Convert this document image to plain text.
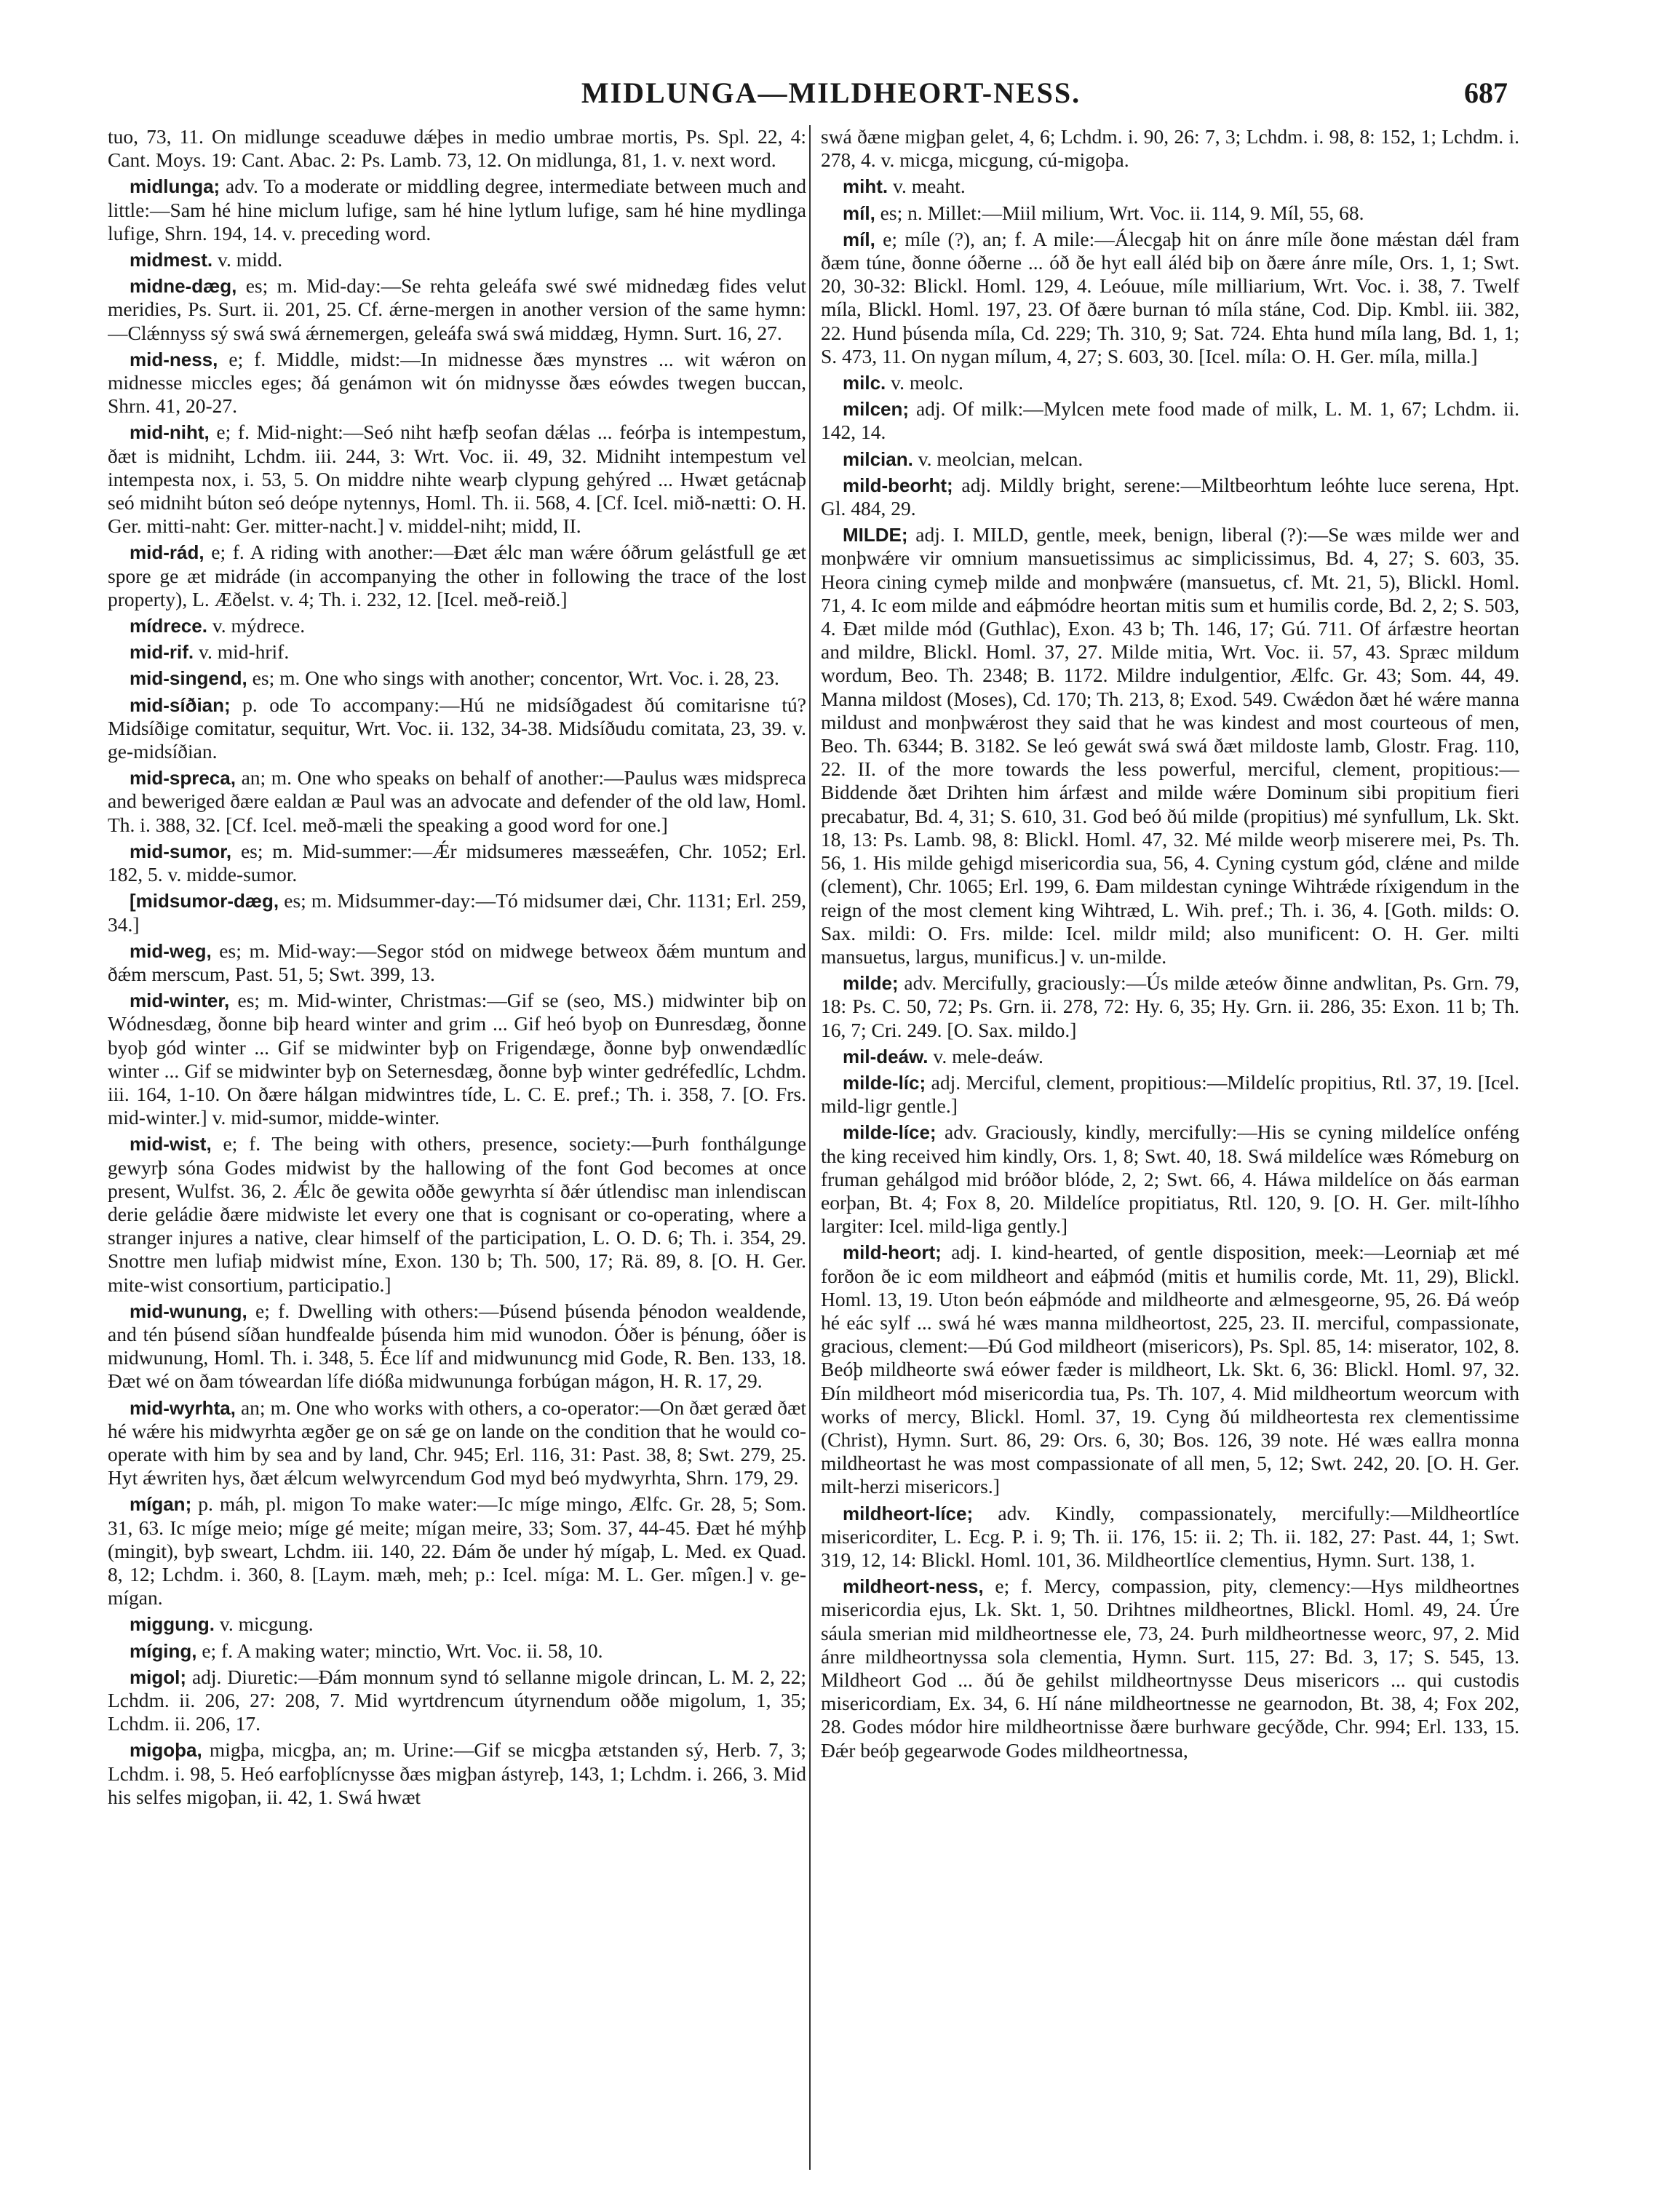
MIDLUNGA—MILDHEORT-NESS.	687

tuo, 73, 11. On midlunge sceaduwe dǽþes in medio umbrae mortis, Ps. Spl. 22, 4: Cant. Moys. 19: Cant. Abac. 2: Ps. Lamb. 73, 12. On midlunga, 81, 1. v. next word.

midlunga; adv. To a moderate or middling degree, intermediate between much and little:—Sam hé hine miclum lufige, sam hé hine lytlum lufige, sam hé hine mydlinga lufige, Shrn. 194, 14. v. preceding word.

midmest. v. midd.

midne-dæg, es; m. Mid-day:—Se rehta geleáfa swé swé midnedæg fides velut meridies, Ps. Surt. ii. 201, 25. Cf. ǽrne-mergen in another version of the same hymn:—Clǽnnyss sý swá swá ǽrnemergen, geleáfa swá swá middæg, Hymn. Surt. 16, 27.

mid-ness, e; f. Middle, midst:—In midnesse ðæs mynstres ... wit wǽron on midnesse miccles eges; ðá genámon wit ón midnysse ðæs eówdes twegen buccan, Shrn. 41, 20-27.

mid-niht, e; f. Mid-night:—Seó niht hæfþ seofan dǽlas ... feórþa is intempestum, ðæt is midniht, Lchdm. iii. 244, 3: Wrt. Voc. ii. 49, 32. Midniht intempestum vel intempesta nox, i. 53, 5. On middre nihte wearþ clypung gehýred ... Hwæt getácnaþ seó midniht búton seó deópe nytennys, Homl. Th. ii. 568, 4. [Cf. Icel. mið-nætti: O. H. Ger. mitti-naht: Ger. mitter-nacht.] v. middel-niht; midd, II.

mid-rád, e; f. A riding with another:—Ðæt ǽlc man wǽre óðrum gelástfull ge æt spore ge æt midráde (in accompanying the other in following the trace of the lost property), L. Æðelst. v. 4; Th. i. 232, 12. [Icel. með-reið.]

mídrece. v. mýdrece.

mid-rif. v. mid-hrif.

mid-singend, es; m. One who sings with another; concentor, Wrt. Voc. i. 28, 23.

mid-síðian; p. ode To accompany:—Hú ne midsíðgadest ðú comitarisne tú? Midsíðige comitatur, sequitur, Wrt. Voc. ii. 132, 34-38. Midsíðudu comitata, 23, 39. v. ge-midsíðian.

mid-spreca, an; m. One who speaks on behalf of another:—Paulus wæs midspreca and beweriged ðære ealdan æ Paul was an advocate and defender of the old law, Homl. Th. i. 388, 32. [Cf. Icel. með-mæli the speaking a good word for one.]

mid-sumor, es; m. Mid-summer:—Ǽr midsumeres mæsseǽfen, Chr. 1052; Erl. 182, 5. v. midde-sumor.

[midsumor-dæg, es; m. Midsummer-day:—Tó midsumer dæi, Chr. 1131; Erl. 259, 34.]

mid-weg, es; m. Mid-way:—Segor stód on midwege betweox ðǽm muntum and ðǽm merscum, Past. 51, 5; Swt. 399, 13.

mid-winter, es; m. Mid-winter, Christmas:—Gif se (seo, MS.) midwinter biþ on Wódnesdæg, ðonne biþ heard winter and grim ... Gif heó byoþ on Ðunresdæg, ðonne byoþ gód winter ... Gif se midwinter byþ on Frigendæge, ðonne byþ onwendædlíc winter ... Gif se midwinter byþ on Seternesdæg, ðonne byþ winter gedréfedlíc, Lchdm. iii. 164, 1-10. On ðære hálgan midwintres tíde, L. C. E. pref.; Th. i. 358, 7. [O. Frs. mid-winter.] v. mid-sumor, midde-winter.

mid-wist, e; f. The being with others, presence, society:—Þurh fonthálgunge gewyrþ sóna Godes midwist by the hallowing of the font God becomes at once present, Wulfst. 36, 2. Ǽlc ðe gewita oððe gewyrhta sí ðǽr útlendisc man inlendiscan derie geládie ðære midwiste let every one that is cognisant or co-operating, where a stranger injures a native, clear himself of the participation, L. O. D. 6; Th. i. 354, 29. Snottre men lufiaþ midwist míne, Exon. 130 b; Th. 500, 17; Rä. 89, 8. [O. H. Ger. mite-wist consortium, participatio.]

mid-wunung, e; f. Dwelling with others:—Þúsend þúsenda þénodon wealdende, and tén þúsend síðan hundfealde þúsenda him mid wunodon. Óðer is þénung, óðer is midwunung, Homl. Th. i. 348, 5. Éce líf and midwununcg mid Gode, R. Ben. 133, 18. Ðæt wé on ðam tóweardan lífe dióßa midwununga forbúgan mágon, H. R. 17, 29.

mid-wyrhta, an; m. One who works with others, a co-operator:—On ðæt geræd ðæt hé wǽre his midwyrhta ægðer ge on sǽ ge on lande on the condition that he would co-operate with him by sea and by land, Chr. 945; Erl. 116, 31: Past. 38, 8; Swt. 279, 25. Hyt ǽwriten hys, ðæt ǽlcum welwyrcendum God myd beó mydwyrhta, Shrn. 179, 29.

mígan; p. máh, pl. migon To make water:—Ic míge mingo, Ælfc. Gr. 28, 5; Som. 31, 63. Ic míge meio; míge gé meite; mígan meire, 33; Som. 37, 44-45. Ðæt hé mýhþ (mingit), byþ sweart, Lchdm. iii. 140, 22. Ðám ðe under hý mígaþ, L. Med. ex Quad. 8, 12; Lchdm. i. 360, 8. [Laym. mæh, meh; p.: Icel. míga: M. L. Ger. mîgen.] v. ge-mígan.

miggung. v. micgung.

míging, e; f. A making water; minctio, Wrt. Voc. ii. 58, 10.

migol; adj. Diuretic:—Ðám monnum synd tó sellanne migole drincan, L. M. 2, 22; Lchdm. ii. 206, 27: 208, 7. Mid wyrtdrencum útyrnendum oððe migolum, 1, 35; Lchdm. ii. 206, 17.

migoþa, migþa, micgþa, an; m. Urine:—Gif se micgþa ætstanden sý, Herb. 7, 3; Lchdm. i. 98, 5. Heó earfoþlícnysse ðæs migþan ástyreþ, 143, 1; Lchdm. i. 266, 3. Mid his selfes migoþan, ii. 42, 1. Swá hwæt

swá ðæne migþan gelet, 4, 6; Lchdm. i. 90, 26: 7, 3; Lchdm. i. 98, 8: 152, 1; Lchdm. i. 278, 4. v. micga, micgung, cú-migoþa.

miht. v. meaht.

míl, es; n. Millet:—Miil milium, Wrt. Voc. ii. 114, 9. Míl, 55, 68.

míl, e; míle (?), an; f. A mile:—Álecgaþ hit on ánre míle ðone mǽstan dǽl fram ðæm túne, ðonne óðerne ... óð ðe hyt eall áléd biþ on ðære ánre míle, Ors. 1, 1; Swt. 20, 30-32: Blickl. Homl. 129, 4. Leóuue, míle milliarium, Wrt. Voc. i. 38, 7. Twelf míla, Blickl. Homl. 197, 23. Of ðære burnan tó míla stáne, Cod. Dip. Kmbl. iii. 382, 22. Hund þúsenda míla, Cd. 229; Th. 310, 9; Sat. 724. Ehta hund míla lang, Bd. 1, 1; S. 473, 11. On nygan mílum, 4, 27; S. 603, 30. [Icel. míla: O. H. Ger. míla, milla.]

milc. v. meolc.

milcen; adj. Of milk:—Mylcen mete food made of milk, L. M. 1, 67; Lchdm. ii. 142, 14.

milcian. v. meolcian, melcan.

mild-beorht; adj. Mildly bright, serene:—Miltbeorhtum leóhte luce serena, Hpt. Gl. 484, 29.

MILDE; adj. I. MILD, gentle, meek, benign, liberal (?):—Se wæs milde wer and monþwǽre vir omnium mansuetissimus ac simplicissimus, Bd. 4, 27; S. 603, 35. Heora cining cymeþ milde and monþwǽre (mansuetus, cf. Mt. 21, 5), Blickl. Homl. 71, 4. Ic eom milde and eáþmódre heortan mitis sum et humilis corde, Bd. 2, 2; S. 503, 4. Ðæt milde mód (Guthlac), Exon. 43 b; Th. 146, 17; Gú. 711. Of árfæstre heortan and mildre, Blickl. Homl. 37, 27. Milde mitia, Wrt. Voc. ii. 57, 43. Spræc mildum wordum, Beo. Th. 2348; B. 1172. Mildre indulgentior, Ælfc. Gr. 43; Som. 44, 49. Manna mildost (Moses), Cd. 170; Th. 213, 8; Exod. 549. Cwǽdon ðæt hé wǽre manna mildust and monþwǽrost they said that he was kindest and most courteous of men, Beo. Th. 6344; B. 3182. Se leó gewát swá swá ðæt mildoste lamb, Glostr. Frag. 110, 22. II. of the more towards the less powerful, merciful, clement, propitious:—Biddende ðæt Drihten him árfæst and milde wǽre Dominum sibi propitium fieri precabatur, Bd. 4, 31; S. 610, 31. God beó ðú milde (propitius) mé synfullum, Lk. Skt. 18, 13: Ps. Lamb. 98, 8: Blickl. Homl. 47, 32. Mé milde weorþ miserere mei, Ps. Th. 56, 1. His milde gehigd misericordia sua, 56, 4. Cyning cystum gód, clǽne and milde (clement), Chr. 1065; Erl. 199, 6. Ðam mildestan cyninge Wihtrǽde ríxigendum in the reign of the most clement king Wihtræd, L. Wih. pref.; Th. i. 36, 4. [Goth. milds: O. Sax. mildi: O. Frs. milde: Icel. mildr mild; also munificent: O. H. Ger. milti mansuetus, largus, munificus.] v. un-milde.

milde; adv. Mercifully, graciously:—Ús milde æteów ðinne andwlitan, Ps. Grn. 79, 18: Ps. C. 50, 72; Ps. Grn. ii. 278, 72: Hy. 6, 35; Hy. Grn. ii. 286, 35: Exon. 11 b; Th. 16, 7; Cri. 249. [O. Sax. mildo.]

mil-deáw. v. mele-deáw.

milde-líc; adj. Merciful, clement, propitious:—Mildelíc propitius, Rtl. 37, 19. [Icel. mild-ligr gentle.]

milde-líce; adv. Graciously, kindly, mercifully:—His se cyning mildelíce onféng the king received him kindly, Ors. 1, 8; Swt. 40, 18. Swá mildelíce wæs Rómeburg on fruman gehálgod mid bróðor blóde, 2, 2; Swt. 66, 4. Háwa mildelíce on ðás earman eorþan, Bt. 4; Fox 8, 20. Mildelíce propitiatus, Rtl. 120, 9. [O. H. Ger. milt-líhho largiter: Icel. mild-liga gently.]

mild-heort; adj. I. kind-hearted, of gentle disposition, meek:—Leorniaþ æt mé forðon ðe ic eom mildheort and eáþmód (mitis et humilis corde, Mt. 11, 29), Blickl. Homl. 13, 19. Uton beón eáþmóde and mildheorte and ælmesgeorne, 95, 26. Ðá weóp hé eác sylf ... swá hé wæs manna mildheortost, 225, 23. II. merciful, compassionate, gracious, clement:—Ðú God mildheort (misericors), Ps. Spl. 85, 14: miserator, 102, 8. Beóþ mildheorte swá eówer fæder is mildheort, Lk. Skt. 6, 36: Blickl. Homl. 97, 32. Ðín mildheort mód misericordia tua, Ps. Th. 107, 4. Mid mildheortum weorcum with works of mercy, Blickl. Homl. 37, 19. Cyng ðú mildheortesta rex clementissime (Christ), Hymn. Surt. 86, 29: Ors. 6, 30; Bos. 126, 39 note. Hé wæs eallra monna mildheortast he was most compassionate of all men, 5, 12; Swt. 242, 20. [O. H. Ger. milt-herzi misericors.]

mildheort-líce; adv. Kindly, compassionately, mercifully:—Mildheortlíce misericorditer, L. Ecg. P. i. 9; Th. ii. 176, 15: ii. 2; Th. ii. 182, 27: Past. 44, 1; Swt. 319, 12, 14: Blickl. Homl. 101, 36. Mildheortlíce clementius, Hymn. Surt. 138, 1.

mildheort-ness, e; f. Mercy, compassion, pity, clemency:—Hys mildheortnes misericordia ejus, Lk. Skt. 1, 50. Drihtnes mildheortnes, Blickl. Homl. 49, 24. Úre sáula smerian mid mildheortnesse ele, 73, 24. Þurh mildheortnesse weorc, 97, 2. Mid ánre mildheortnyssa sola clementia, Hymn. Surt. 115, 27: Bd. 3, 17; S. 545, 13. Mildheort God ... ðú ðe gehilst mildheortnysse Deus misericors ... qui custodis misericordiam, Ex. 34, 6. Hí náne mildheortnesse ne gearnodon, Bt. 38, 4; Fox 202, 28. Godes módor hire mildheortnisse ðære burhware gecýðde, Chr. 994; Erl. 133, 15. Ðǽr beóþ gegearwode Godes mildheortnessa,
